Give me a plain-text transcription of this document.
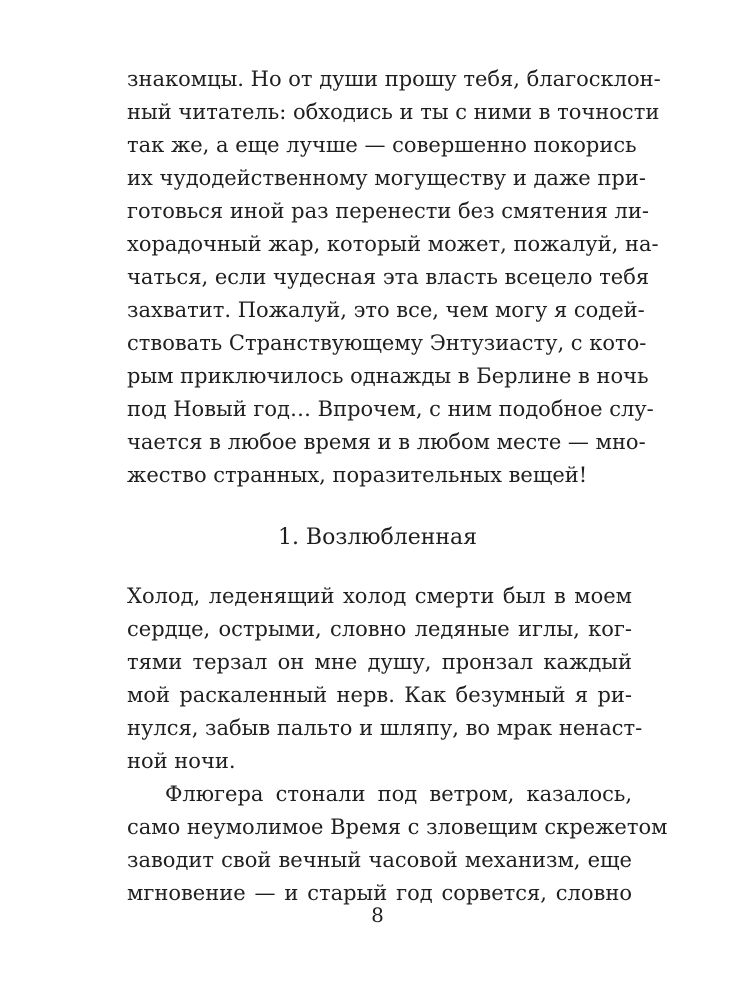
знакомцы. Но от души прошу тебя, благосклон-
ный читатель: обходись и ты с ними в точности
так же, а еще лучше — совершенно покорись
их чудодейственному могуществу и даже при-
готовься иной раз перенести без смятения ли-
хорадочный жар, который может, пожалуй, на-
чаться, если чудесная эта власть всецело тебя
захватит. Пожалуй, это все, чем могу я содей-
ствовать Странствующему Энтузиасту, с кото-
рым приключилось однажды в Берлине в ночь
под Новый год… Впрочем, с ним подобное слу-
чается в любое время и в любом месте — мно-
жество странных, поразительных вещей!
1. Возлюбленная
Холод, леденящий холод смерти был в моем
сердце, острыми, словно ледяные иглы, ког-
тями терзал он мне душу, пронзал каждый
мой раскаленный нерв. Как безумный я ри-
нулся, забыв пальто и шляпу, во мрак ненаст-
ной ночи.
Флюгера стонали под ветром, казалось,
само неумолимое Время с зловещим скрежетом
заводит свой вечный часовой механизм, еще
мгновение — и старый год сорвется, словно
8
